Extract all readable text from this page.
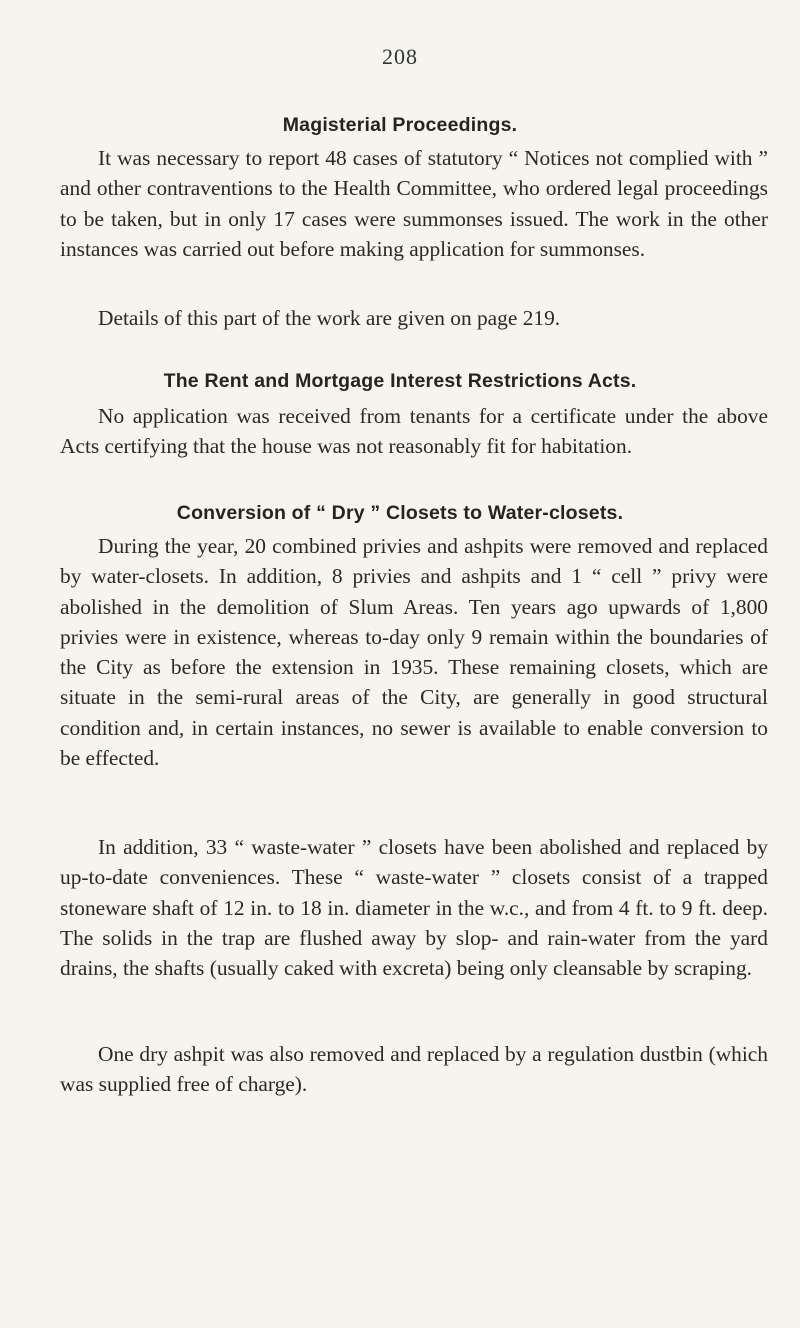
208
Magisterial Proceedings.

It was necessary to report 48 cases of statutory “ Notices not complied with ” and other contraventions to the Health Committee, who ordered legal proceedings to be taken, but in only 17 cases were summonses issued. The work in the other instances was carried out before making application for summonses.

Details of this part of the work are given on page 219.

The Rent and Mortgage Interest Restrictions Acts.

No application was received from tenants for a certificate under the above Acts certifying that the house was not reasonably fit for habitation.

Conversion of “ Dry ” Closets to Water-closets.

During the year, 20 combined privies and ashpits were removed and replaced by water-closets. In addition, 8 privies and ashpits and 1 “ cell ” privy were abolished in the demolition of Slum Areas. Ten years ago upwards of 1,800 privies were in existence, whereas to-day only 9 remain within the boundaries of the City as before the extension in 1935. These remaining closets, which are situate in the semi-rural areas of the City, are generally in good structural condition and, in certain instances, no sewer is available to enable conversion to be effected.

In addition, 33 “ waste-water ” closets have been abolished and replaced by up-to-date conveniences. These “ waste-water ” closets consist of a trapped stoneware shaft of 12 in. to 18 in. diameter in the w.c., and from 4 ft. to 9 ft. deep. The solids in the trap are flushed away by slop- and rain-water from the yard drains, the shafts (usually caked with excreta) being only cleansable by scraping.

One dry ashpit was also removed and replaced by a regulation dustbin (which was supplied free of charge).
